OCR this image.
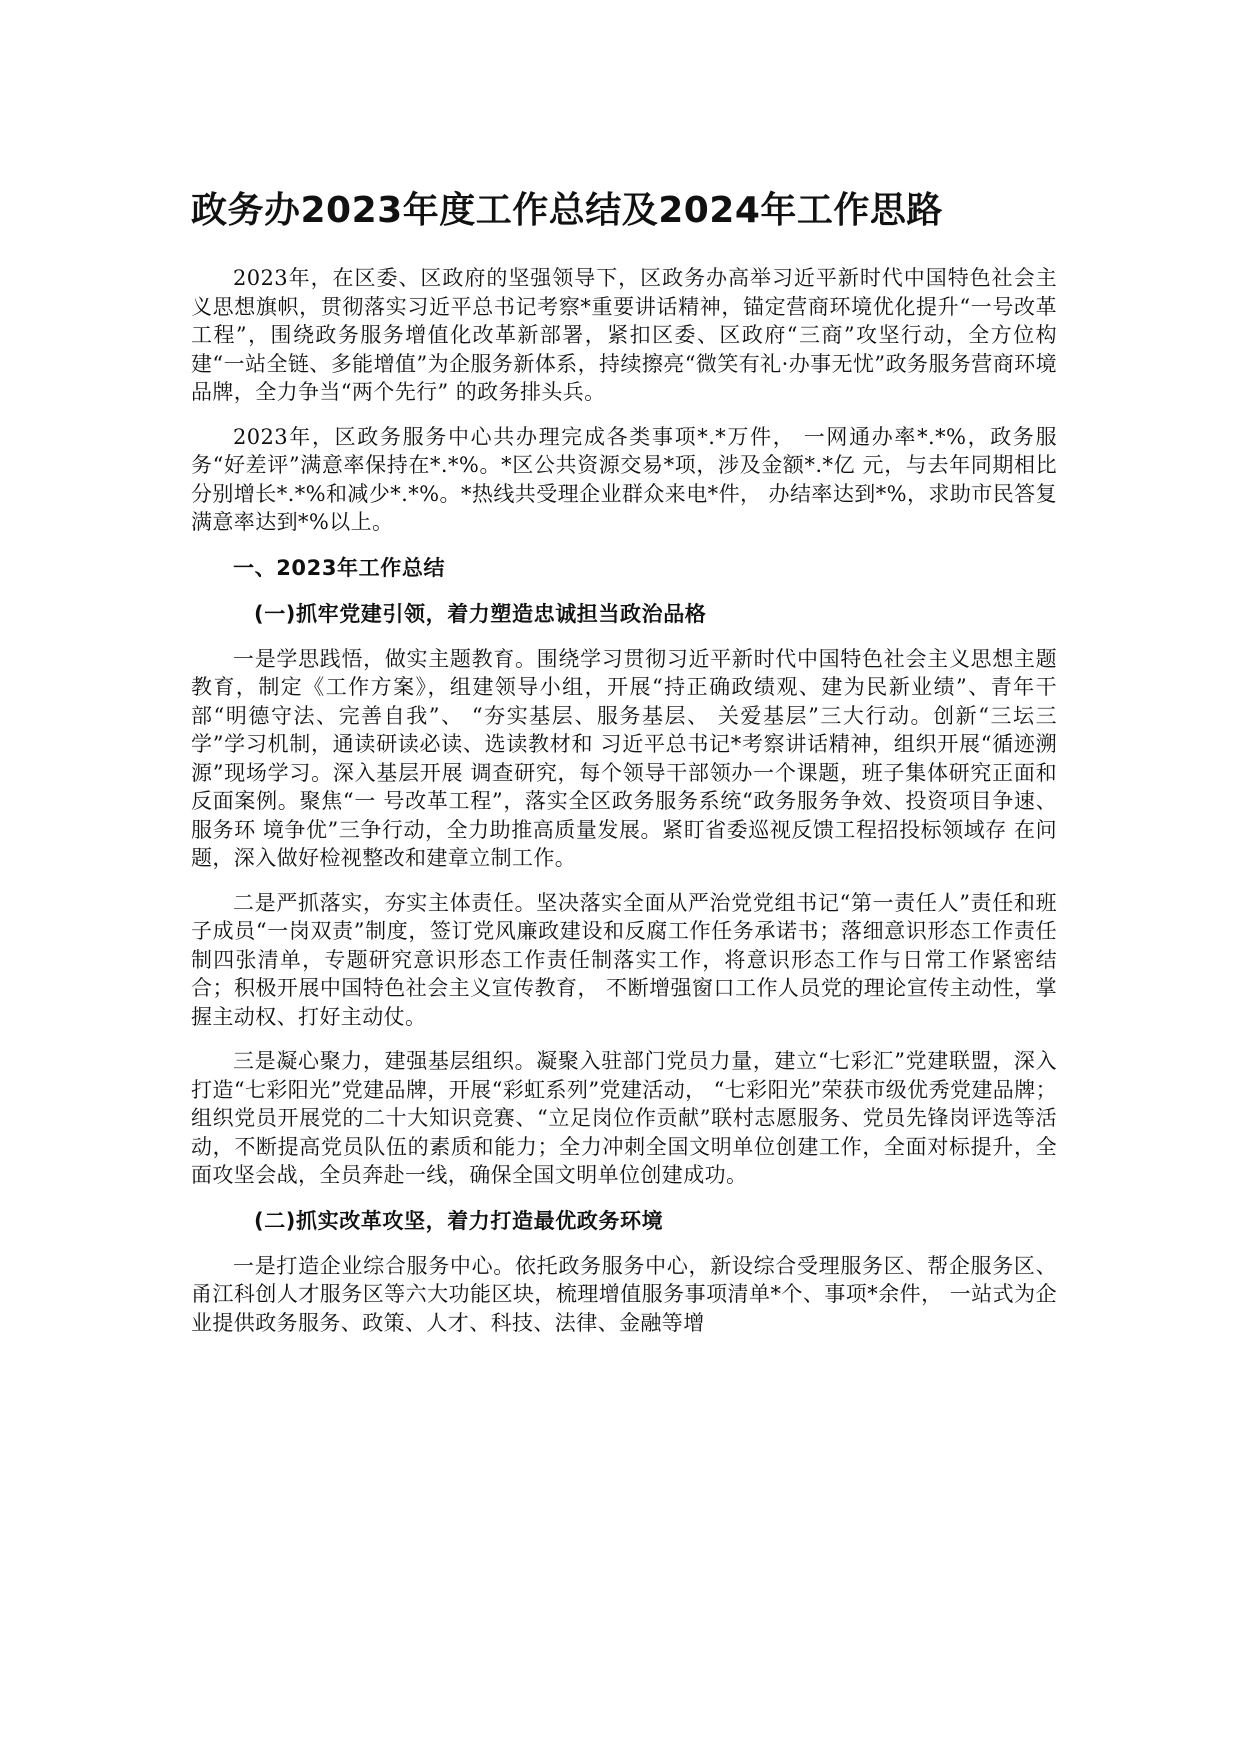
政务办2023年度工作总结及2024年工作思路

2023年，在区委、区政府的坚强领导下，区政务办高举习近平新时代中国特色社会主义思想旗帜，贯彻落实习近平总书记考察*重要讲话精神，锚定营商环境优化提升“一号改革工程”，围绕政务服务增值化改革新部署，紧扣区委、区政府“三商”攻坚行动，全方位构建“一站全链、多能增值”为企服务新体系，持续擦亮“微笑有礼·办事无忧”政务服务营商环境品牌，全力争当“两个先行” 的政务排头兵。

2023年，区政务服务中心共办理完成各类事项*.*万件， 一网通办率*.*%，政务服务“好差评”满意率保持在*.*%。*区公共资源交易*项，涉及金额*.*亿 元，与去年同期相比分别增长*.*%和减少*.*%。*热线共受理企业群众来电*件， 办结率达到*%，求助市民答复满意率达到*%以上。

一、2023年工作总结
(一)抓牢党建引领，着力塑造忠诚担当政治品格

一是学思践悟，做实主题教育。围绕学习贯彻习近平新时代中国特色社会主义思想主题教育，制定《工作方案》，组建领导小组，开展“持正确政绩观、建为民新业绩”、青年干部“明德守法、完善自我”、 “夯实基层、服务基层、 关爱基层”三大行动。创新“三坛三学”学习机制，通读研读必读、选读教材和 习近平总书记*考察讲话精神，组织开展“循迹溯源”现场学习。深入基层开展 调查研究，每个领导干部领办一个课题，班子集体研究正面和反面案例。聚焦“一 号改革工程”，落实全区政务服务系统“政务服务争效、投资项目争速、服务环 境争优”三争行动，全力助推高质量发展。紧盯省委巡视反馈工程招投标领域存 在问题，深入做好检视整改和建章立制工作。

二是严抓落实，夯实主体责任。坚决落实全面从严治党党组书记“第一责任人”责任和班子成员“一岗双责”制度，签订党风廉政建设和反腐工作任务承诺书；落细意识形态工作责任制四张清单，专题研究意识形态工作责任制落实工作，将意识形态工作与日常工作紧密结合；积极开展中国特色社会主义宣传教育， 不断增强窗口工作人员党的理论宣传主动性，掌握主动权、打好主动仗。

三是凝心聚力，建强基层组织。凝聚入驻部门党员力量，建立“七彩汇”党建联盟，深入打造“七彩阳光”党建品牌，开展“彩虹系列”党建活动， “七彩阳光”荣获市级优秀党建品牌；组织党员开展党的二十大知识竞赛、“立足岗位作贡献”联村志愿服务、党员先锋岗评选等活动，不断提高党员队伍的素质和能力；全力冲刺全国文明单位创建工作，全面对标提升，全面攻坚会战，全员奔赴一线，确保全国文明单位创建成功。

(二)抓实改革攻坚，着力打造最优政务环境

一是打造企业综合服务中心。依托政务服务中心，新设综合受理服务区、帮企服务区、甬江科创人才服务区等六大功能区块，梳理增值服务事项清单*个、事项*余件， 一站式为企业提供政务服务、政策、人才、科技、法律、金融等增
